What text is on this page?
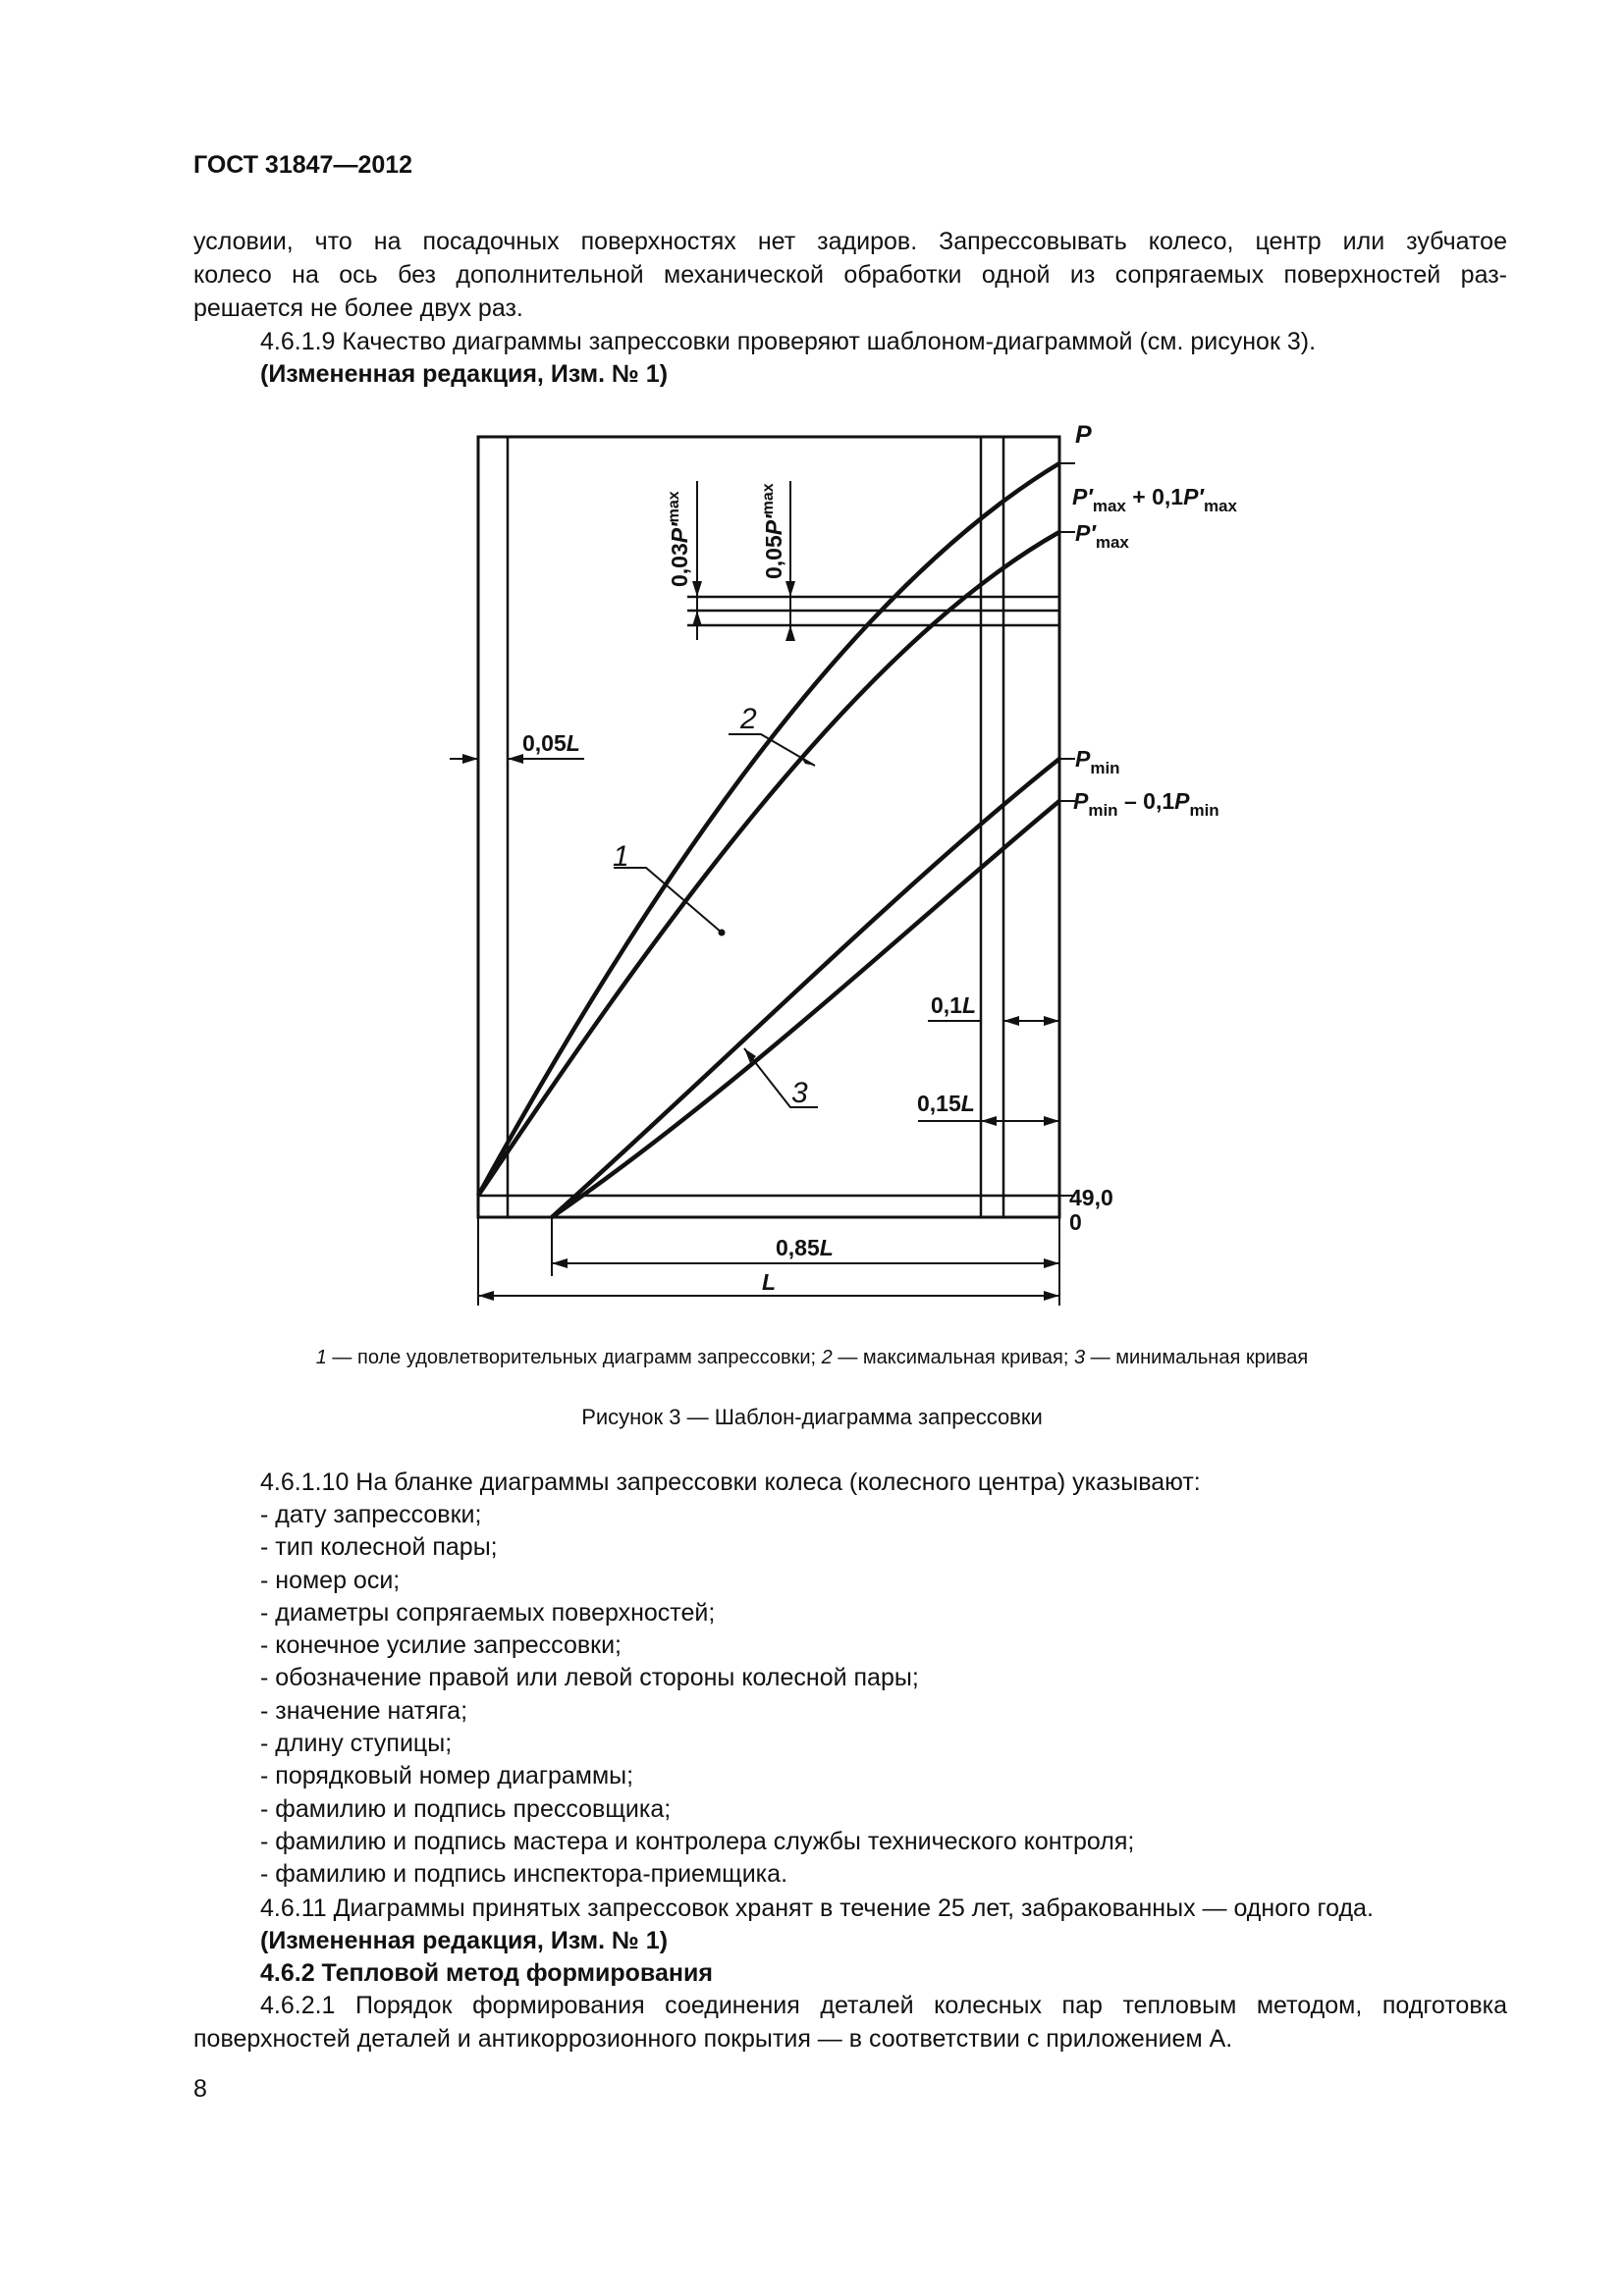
ГОСТ 31847—2012
условии, что на посадочных поверхностях нет задиров. Запрессовывать колесо, центр или зубчатое
колесо на ось без дополнительной механической обработки одной из сопрягаемых поверхностей раз-
решается не более двух раз.
4.6.1.9 Качество диаграммы запрессовки проверяют шаблоном-диаграммой (см. рисунок 3).
(Измененная редакция, Изм. № 1)
P
$P'_{max} + 0,1P'_{max}$
$P'_{max}$
$P_{min}$
$P_{min} - 0,1P_{min}$
$0,03P'^{max}$
$0,05P'^{max}$
0,05L
0,1L
0,15L
0,85L
L
49,0
0
1
2
3
1 — поле удовлетворительных диаграмм запрессовки; 2 — максимальная кривая; 3 — минимальная кривая
Рисунок 3 — Шаблон-диаграмма запрессовки
4.6.1.10 На бланке диаграммы запрессовки колеса (колесного центра) указывают:
- дату запрессовки;
- тип колесной пары;
- номер оси;
- диаметры сопрягаемых поверхностей;
- конечное усилие запрессовки;
- обозначение правой или левой стороны колесной пары;
- значение натяга;
- длину ступицы;
- порядковый номер диаграммы;
- фамилию и подпись прессовщика;
- фамилию и подпись мастера и контролера службы технического контроля;
- фамилию и подпись инспектора-приемщика.
4.6.11 Диаграммы принятых запрессовок хранят в течение 25 лет, забракованных — одного года.
(Измененная редакция, Изм. № 1)
4.6.2 Тепловой метод формирования
4.6.2.1 Порядок формирования соединения деталей колесных пар тепловым методом, подготовка
поверхностей деталей и антикоррозионного покрытия — в соответствии с приложением А.
8
